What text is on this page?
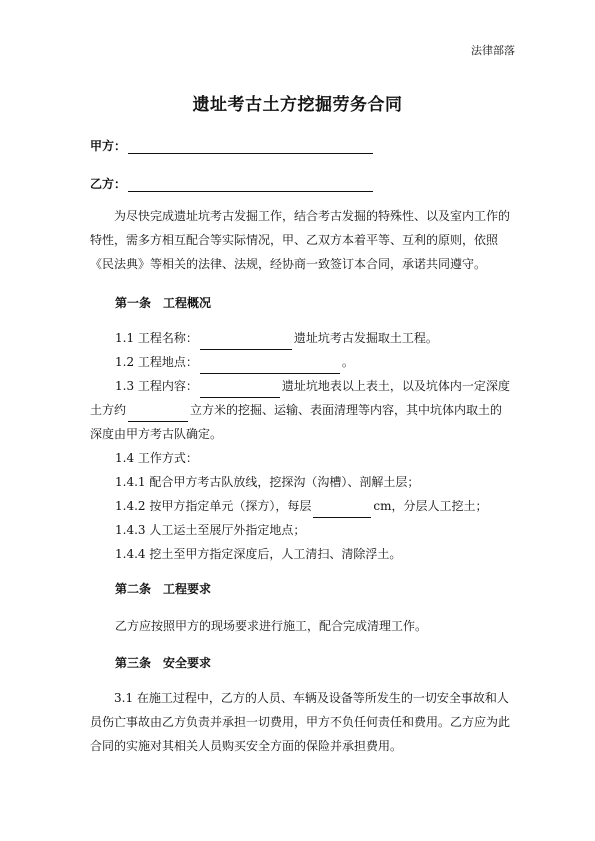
法律部落
遗址考古土方挖掘劳务合同
甲方：
乙方：
为尽快完成遗址坑考古发掘工作，结合考古发掘的特殊性、以及室内工作的特性，需多方相互配合等实际情况，甲、乙双方本着平等、互利的原则，依照《民法典》等相关的法律、法规，经协商一致签订本合同，承诺共同遵守。
第一条 工程概况
1.1 工程名称：	遗址坑考古发掘取土工程。
1.2 工程地点：	。
1.3 工程内容：	遗址坑地表以上表土，以及坑体内一定深度
土方约	立方米的挖掘、运输、表面清理等内容，其中坑体内取土的
深度由甲方考古队确定。
1.4 工作方式：
1.4.1 配合甲方考古队放线，挖探沟（沟槽）、剖解土层；
1.4.2 按甲方指定单元（探方），每层	cm，分层人工挖土；
1.4.3 人工运土至展厅外指定地点；
1.4.4 挖土至甲方指定深度后，人工清扫、清除浮土。
第二条 工程要求
乙方应按照甲方的现场要求进行施工，配合完成清理工作。
第三条 安全要求
3.1 在施工过程中，乙方的人员、车辆及设备等所发生的一切安全事故和人员伤亡事故由乙方负责并承担一切费用，甲方不负任何责任和费用。乙方应为此合同的实施对其相关人员购买安全方面的保险并承担费用。
